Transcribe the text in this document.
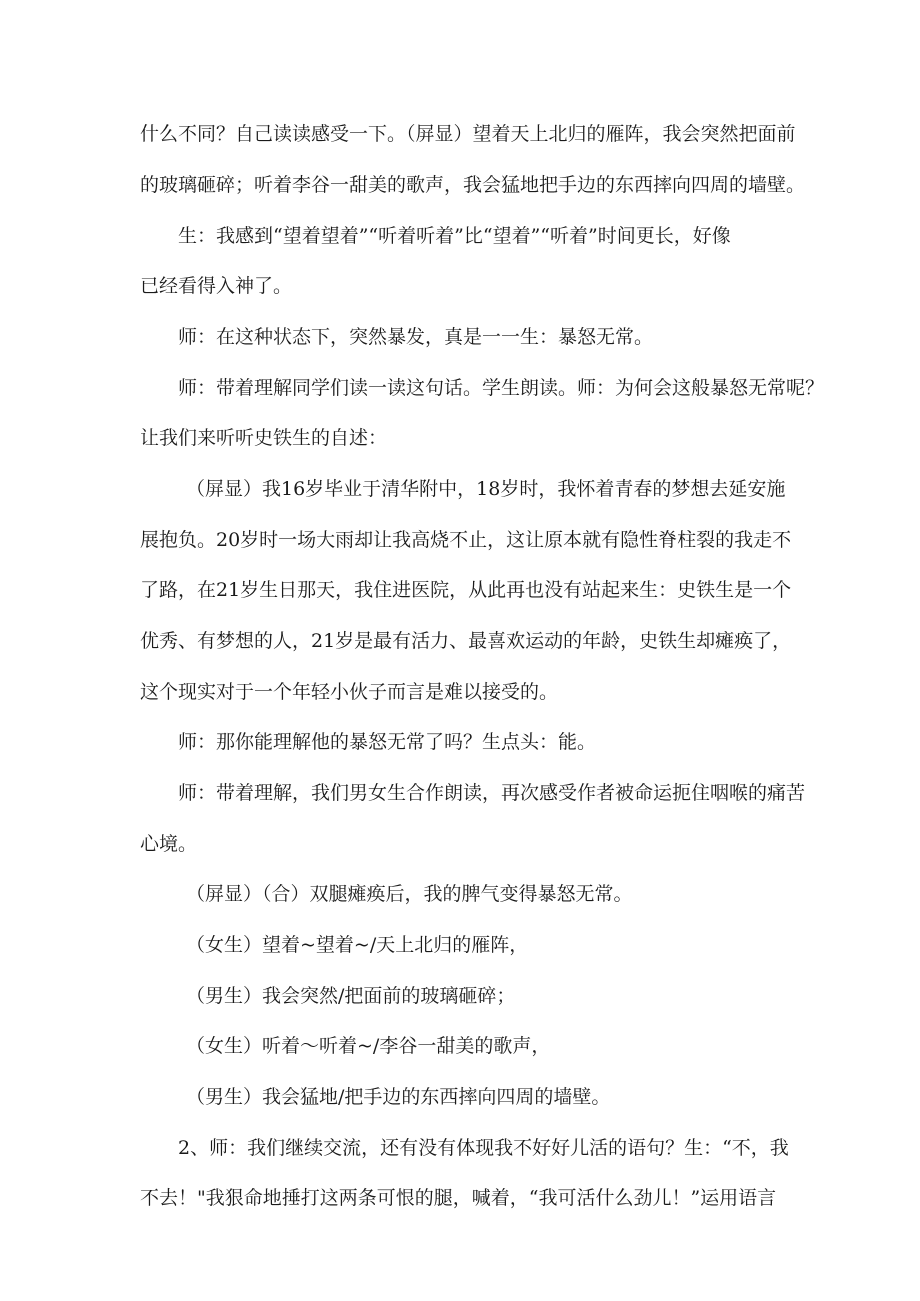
什么不同？自己读读感受一下。（屏显）望着天上北归的雁阵，我会突然把面前
的玻璃砸碎；听着李谷一甜美的歌声，我会猛地把手边的东西摔向四周的墙壁。
生：我感到“望着望着”“听着听着”比“望着”“听着”时间更长，好像
已经看得入神了。
师：在这种状态下，突然暴发，真是一一生：暴怒无常。
师：带着理解同学们读一读这句话。学生朗读。师：为何会这般暴怒无常呢？
让我们来听听史铁生的自述：
（屏显）我16岁毕业于清华附中，18岁时，我怀着青春的梦想去延安施
展抱负。20岁时一场大雨却让我高烧不止，这让原本就有隐性脊柱裂的我走不
了路，在21岁生日那天，我住进医院，从此再也没有站起来生：史铁生是一个
优秀、有梦想的人，21岁是最有活力、最喜欢运动的年龄，史铁生却瘫痪了，
这个现实对于一个年轻小伙子而言是难以接受的。
师：那你能理解他的暴怒无常了吗？生点头：能。
师：带着理解，我们男女生合作朗读，再次感受作者被命运扼住咽喉的痛苦
心境。
（屏显）（合）双腿瘫痪后，我的脾气变得暴怒无常。
（女生）望着~望着~/天上北归的雁阵，
（男生）我会突然/把面前的玻璃砸碎；
（女生）听着～听着~/李谷一甜美的歌声，
（男生）我会猛地/把手边的东西摔向四周的墙壁。
2、师：我们继续交流，还有没有体现我不好好儿活的语句？生：“不，我
不去！"我狠命地捶打这两条可恨的腿，喊着，“我可活什么劲儿！”运用语言
